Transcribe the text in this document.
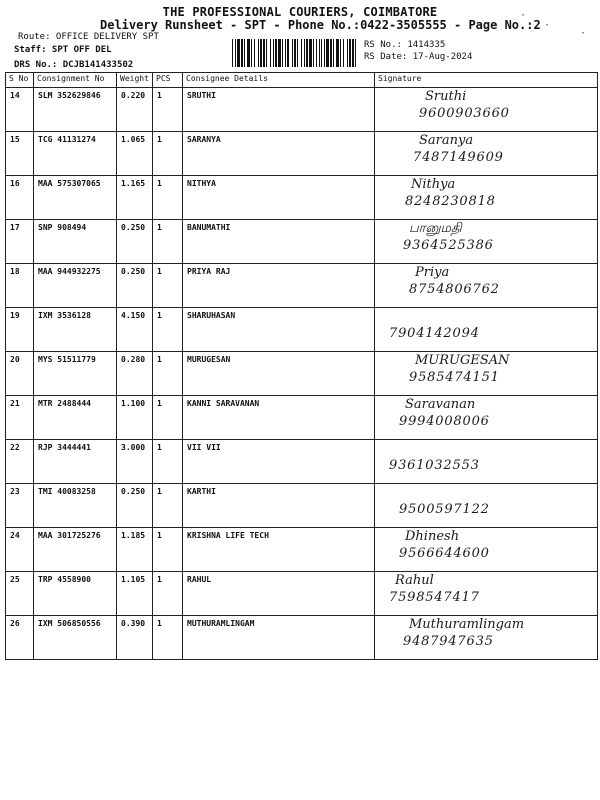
THE PROFESSIONAL COURIERS, COIMBATORE
Delivery Runsheet - SPT - Phone No.:0422-3505555 - Page No.:2
Route: OFFICE DELIVERY SPT
Staff: SPT OFF DEL
DRS No.: DCJB141433502
RS No.: 1414335
RS Date: 17-Aug-2024
·
·
·
S No	Consignment No	Weight	PCS	Consignee Details	Signature
14	SLM 352629846	0.220	1	SRUTHI	Sruthi
9600903660

15	TCG 41131274	1.065	1	SARANYA	Saranya
7487149609

16	MAA 575307065	1.165	1	NITHYA	Nithya
8248230818

17	SNP 908494	0.250	1	BANUMATHI	பானுமதி
9364525386

18	MAA 944932275	0.250	1	PRIYA RAJ	Priya
8754806762

19	IXM 3536128	4.150	1	SHARUHASAN	7904142094

20	MYS 51511779	0.280	1	MURUGESAN	MURUGESAN
9585474151

21	MTR 2488444	1.100	1	KANNI SARAVANAN	Saravanan
9994008006

22	RJP 3444441	3.000	1	VII VII	9361032553

23	TMI 40083258	0.250	1	KARTHI	9500597122

24	MAA 301725276	1.185	1	KRISHNA LIFE TECH	Dhinesh
9566644600

25	TRP 4558900	1.105	1	RAHUL	Rahul
7598547417

26	IXM 506850556	0.390	1	MUTHURAMLINGAM	Muthuramlingam
9487947635
